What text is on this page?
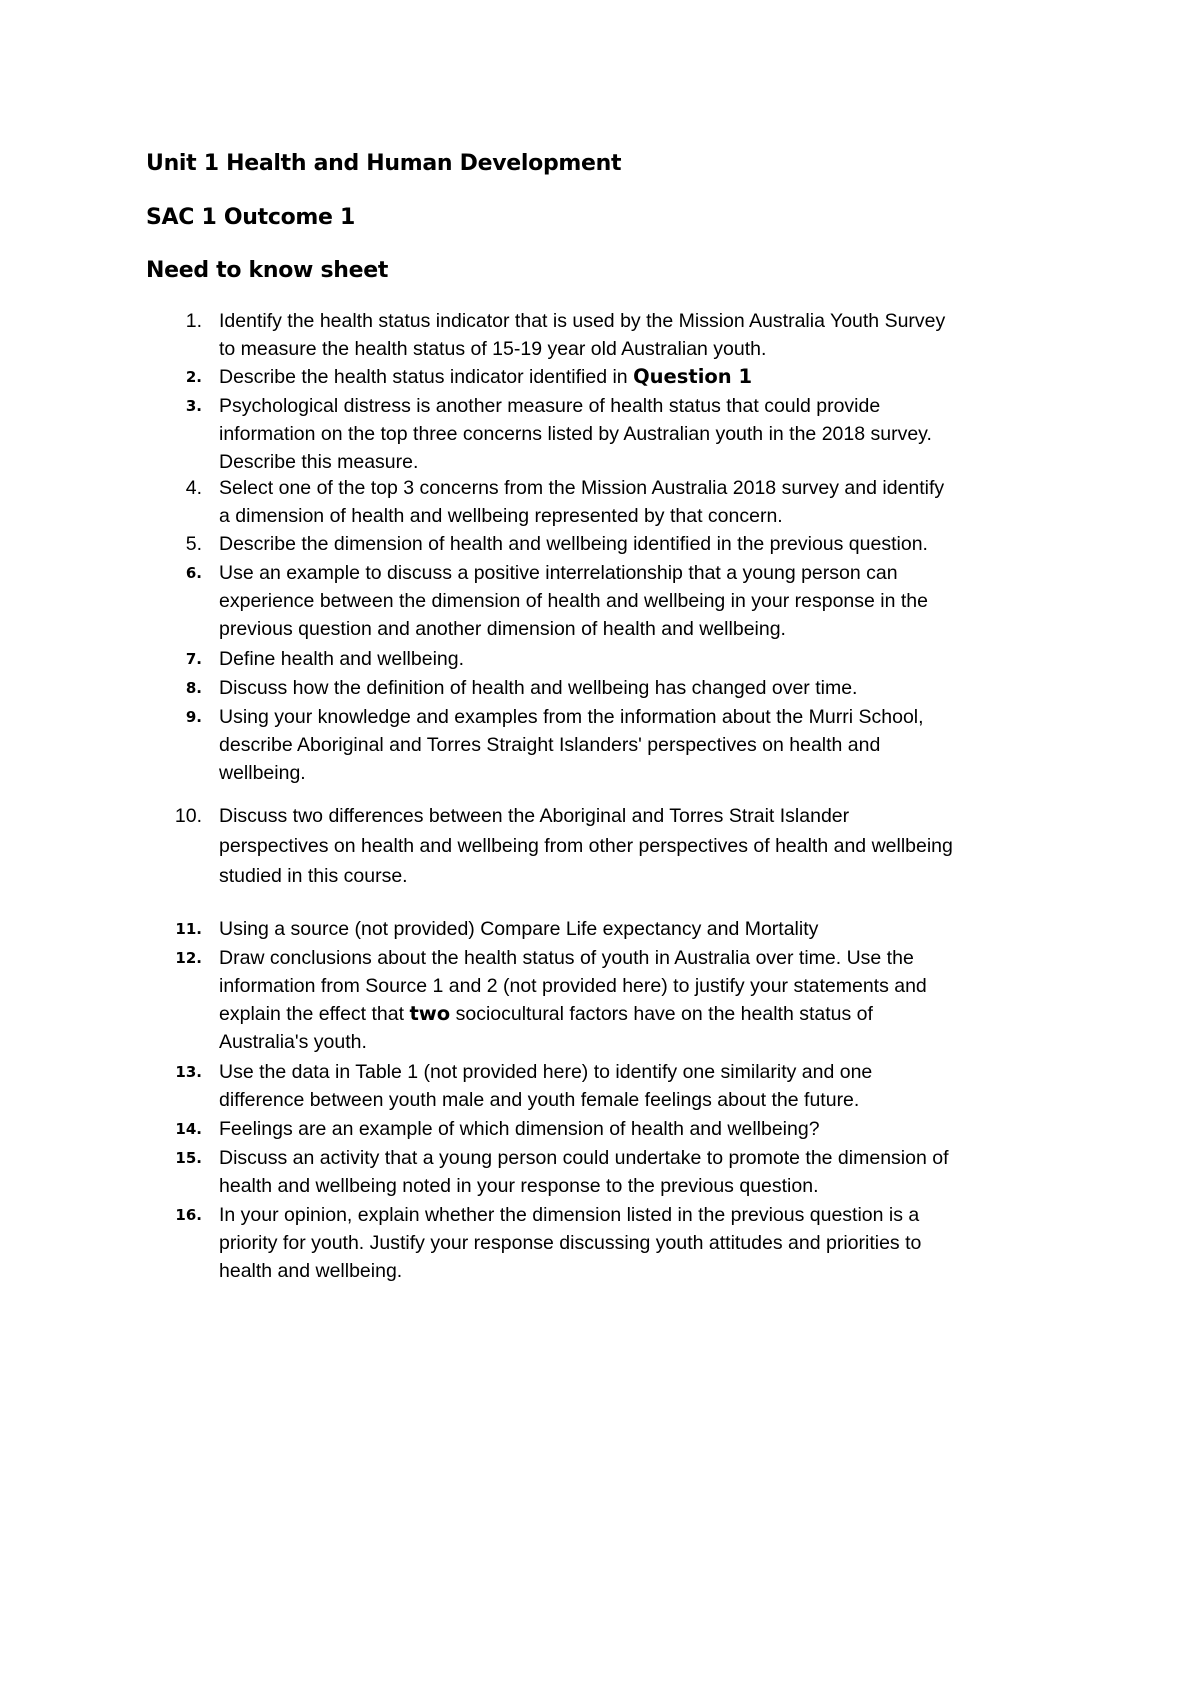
Unit 1 Health and Human Development
SAC 1 Outcome 1
Need to know sheet
1. Identify the health status indicator that is used by the Mission Australia Youth Survey
to measure the health status of 15-19 year old Australian youth.
2. Describe the health status indicator identified in Question 1
3. Psychological distress is another measure of health status that could provide
information on the top three concerns listed by Australian youth in the 2018 survey.
Describe this measure.
4. Select one of the top 3 concerns from the Mission Australia 2018 survey and identify
a dimension of health and wellbeing represented by that concern.
5. Describe the dimension of health and wellbeing identified in the previous question.
6. Use an example to discuss a positive interrelationship that a young person can
experience between the dimension of health and wellbeing in your response in the
previous question and another dimension of health and wellbeing.
7. Define health and wellbeing.
8. Discuss how the definition of health and wellbeing has changed over time.
9. Using your knowledge and examples from the information about the Murri School,
describe Aboriginal and Torres Straight Islanders' perspectives on health and
wellbeing.
10. Discuss two differences between the Aboriginal and Torres Strait Islander
perspectives on health and wellbeing from other perspectives of health and wellbeing
studied in this course.
11. Using a source (not provided) Compare Life expectancy and Mortality
12. Draw conclusions about the health status of youth in Australia over time. Use the
information from Source 1 and 2 (not provided here) to justify your statements and
explain the effect that two sociocultural factors have on the health status of
Australia's youth.
13. Use the data in Table 1 (not provided here) to identify one similarity and one
difference between youth male and youth female feelings about the future.
14. Feelings are an example of which dimension of health and wellbeing?
15. Discuss an activity that a young person could undertake to promote the dimension of
health and wellbeing noted in your response to the previous question.
16. In your opinion, explain whether the dimension listed in the previous question is a
priority for youth. Justify your response discussing youth attitudes and priorities to
health and wellbeing.
